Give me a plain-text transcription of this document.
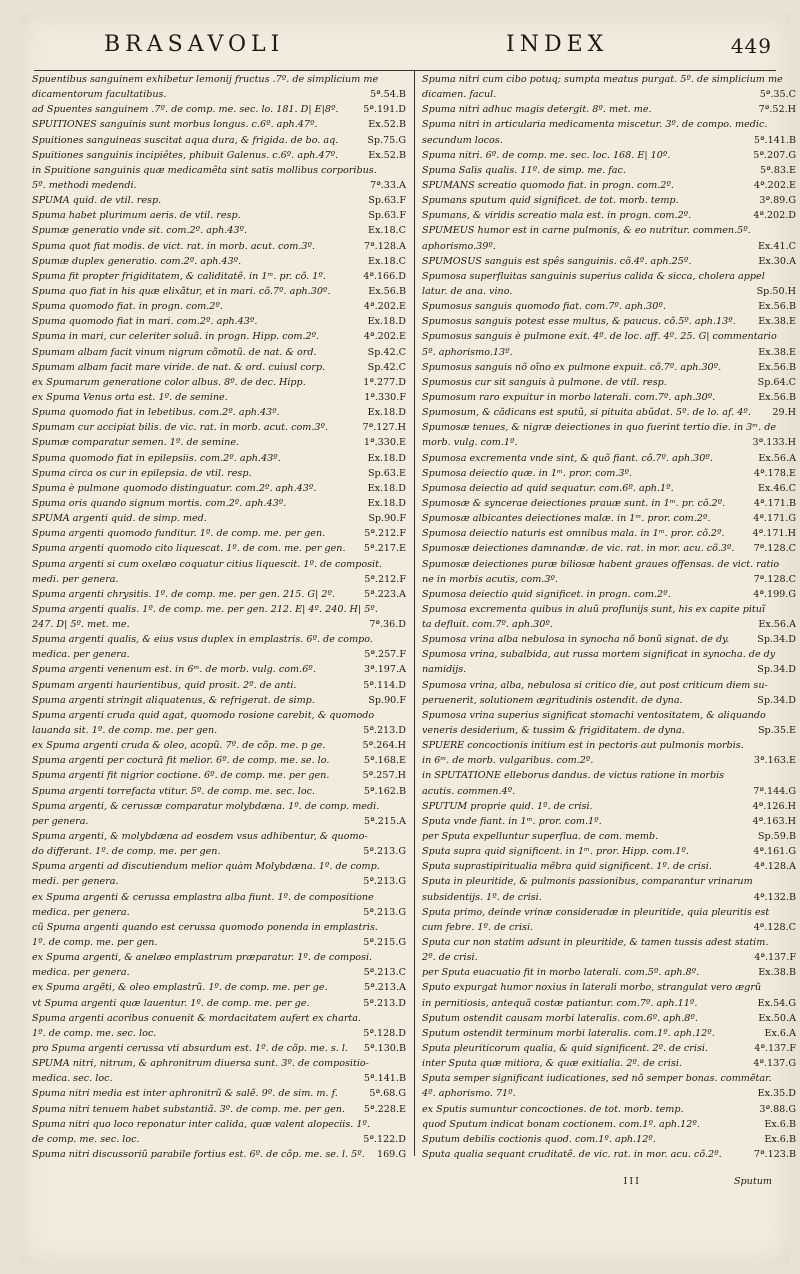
BRASAVOLI	INDEX	449
Spuentibus sanguinem exhibetur lemonij fructus .7º. de simplicium me
dicamentorum facultatibus.	5ª.54.B
ad Spuentes sanguinem .7º. de comp. me. sec. lo. 181. D| E|8º.	5ª.191.D
SPUITIONES sanguinis sunt morbus longus. c.6º. aph.47º.	Ex.52.B
Spuitiones sanguineas suscitat aqua dura, & frigida. de bo. aq.	Sp.75.G
Spuitiones sanguinis incipiêtes, phibuit Galenus. c.6º. aph.47º.	Ex.52.B
in Spuitione sanguinis quæ medicamêta sint satis mollibus corporibus.
5º. methodi medendi.	7ª.33.A
SPUMA quid. de vtil. resp.	Sp.63.F
Spuma habet plurimum aeris. de vtil. resp.	Sp.63.F
Spumæ generatio vnde sit. com.2º. aph.43º.	Ex.18.C
Spuma quot fiat modis. de vict. rat. in morb. acut. com.3º.	7ª.128.A
Spumæ duplex generatio. com.2º. aph.43º.	Ex.18.C
Spuma fit propter frigiditatem, & caliditatẽ. in 1ᵐ. pr. cõ. 1º.	4ª.166.D
Spuma quo fiat in his quæ elixãtur, et in mari. cõ.7º. aph.30º.	Ex.56.B
Spuma quomodo fiat. in progn. com.2º.	4ª.202.E
Spuma quomodo fiat in mari. com.2º. aph.43º.	Ex.18.D
Spuma in mari, cur celeriter soluã. in progn. Hipp. com.2º.	4ª.202.E
Spumam albam facit vinum nigrum cõmotũ. de nat. & ord.	Sp.42.C
Spumam albam facit mare viride. de nat. & ord. cuiusl corp.	Sp.42.C
ex Spumarum generatione color albus. 8º. de dec. Hipp.	1ª.277.D
ex Spuma Venus orta est. 1º. de semine.	1ª.330.F
Spuma quomodo fiat in lebetibus. com.2º. aph.43º.	Ex.18.D
Spumam cur accipiat bilis. de vic. rat. in morb. acut. com.3º.	7ª.127.H
Spumæ comparatur semen. 1º. de semine.	1ª.330.E
Spuma quomodo fiat in epilepsiis. com.2º. aph.43º.	Ex.18.D
Spuma circa os cur in epilepsia. de vtil. resp.	Sp.63.E
Spuma è pulmone quomodo distinguatur. com.2º. aph.43º.	Ex.18.D
Spuma oris quando signum mortis. com.2º. aph.43º.	Ex.18.D
SPUMA argenti quid. de simp. med.	Sp.90.F
Spuma argenti quomodo funditur. 1º. de comp. me. per gen.	5ª.212.F
Spuma argenti quomodo cito liquescat. 1º. de com. me. per gen.	5ª.217.E
Spuma argenti si cum oxelæo coquatur citius liquescit. 1º. de composit.
medi. per genera.	5ª.212.F
Spuma argenti chrysitis. 1º. de comp. me. per gen. 215. G| 2º.	5ª.223.A
Spuma argenti qualis. 1º. de comp. me. per gen. 212. E| 4º. 240. H| 5º.
247. D| 5º. met. me.	7ª.36.D
Spuma argenti qualis, & eius vsus duplex in emplastris. 6º. de compo.
medica. per genera.	5ª.257.F
Spuma argenti venenum est. in 6ᵐ. de morb. vulg. com.6º.	3ª.197.A
Spumam argenti haurientibus, quid prosit. 2º. de anti.	5ª.114.D
Spuma argenti stringit aliquatenus, & refrigerat. de simp.	Sp.90.F
Spuma argenti cruda quid agat, quomodo rosione carebit, & quomodo
lauanda sit. 1º. de comp. me. per gen.	5ª.213.D
ex Spuma argenti cruda & oleo, acopũ. 7º. de cõp. me. p ge.	5ª.264.H
Spuma argenti per coctură fit melior. 6º. de comp. me. se. lo.	5ª.168.E
Spuma argenti fit nigrior coctione. 6º. de comp. me. per gen.	5ª.257.H
Spuma argenti torrefacta vtitur. 5º. de comp. me. sec. loc.	5ª.162.B
Spuma argenti, & cerussæ comparatur molybdæna. 1º. de comp. medi.
per genera.	5ª.215.A
Spuma argenti, & molybdæna ad eosdem vsus adhibentur, & quomo-
do differant. 1º. de comp. me. per gen.	5ª.213.G
Spuma argenti ad discutiendum melior quàm Molybdæna. 1º. de comp.
medi. per genera.	5ª.213.G
ex Spuma argenti & cerussa emplastra alba fiunt. 1º. de compositione
medica. per genera.	5ª.213.G
cũ Spuma argenti quando est cerussa quomodo ponenda in emplastris.
1º. de comp. me. per gen.	5ª.215.G
ex Spuma argenti, & anelæo emplastrum præparatur. 1º. de composi.
medica. per genera.	5ª.213.C
ex Spuma argẽti, & oleo emplastrũ. 1º. de comp. me. per ge.	5ª.213.A
vt Spuma argenti quæ lauentur. 1º. de comp. me. per ge.	5ª.213.D
Spuma argenti acoribus conuenit & mordacitatem aufert ex charta.
1º. de comp. me. sec. loc.	5ª.128.D
pro Spuma argenti cerussa vti absurdum est. 1º. de cõp. me. s. l.	5ª.130.B
SPUMA nitri, nitrum, & aphronitrum diuersa sunt. 3º. de compositio-
medica. sec. loc.	5ª.141.B
Spuma nitri media est inter aphronitrũ & salẽ. 9º. de sim. m. f.	5ª.68.G
Spuma nitri tenuem habet substantiã. 3º. de comp. me. per gen.	5ª.228.E
Spuma nitri quo loco reponatur inter calida, quæ valent alopeciis. 1º.
de comp. me. sec. loc.	5ª.122.D
Spuma nitri discussoriũ parabile fortius est. 6º. de cõp. me. se. l. 5º.	169.G
Spuma nitri cum cibo potuq; sumpta meatus purgat. 5º. de simplicium me
dicamen. facul.	5ª.35.C
Spuma nitri adhuc magis detergit. 8º. met. me.	7ª.52.H
Spuma nitri in articularia medicamenta miscetur. 3º. de compo. medic.
secundum locos.	5ª.141.B
Spuma nitri. 6º. de comp. me. sec. loc. 168. E| 10º.	5ª.207.G
Spuma Salis qualis. 11º. de simp. me. fac.	5ª.83.E
SPUMANS screatio quomodo fiat. in progn. com.2º.	4ª.202.E
Spumans sputum quid significet. de tot. morb. temp.	3ª.89.G
Spumans, & viridis screatio mala est. in progn. com.2º.	4ª.202.D
SPUMEUS humor est in carne pulmonis, & eo nutritur. commen.5º.
aphorismo.39º.	Ex.41.C
SPUMOSUS sanguis est spês sanguinis. cõ.4º. aph.25º.	Ex.30.A
Spumosa superfluitas sanguinis superius calida & sicca, cholera appel
latur. de ana. vino.	Sp.50.H
Spumosus sanguis quomodo fiat. com.7º. aph.30º.	Ex.56.B
Spumosus sanguis potest esse multus, & paucus. cõ.5º. aph.13º.	Ex.38.E
Spumosus sanguis è pulmone exit. 4º. de loc. aff. 4º. 25. G| commentario
5º. aphorismo.13º.	Ex.38.E
Spumosus sanguis nõ oĩno ex pulmone expuit. cõ.7º. aph.30º.	Ex.56.B
Spumosus cur sit sanguis à pulmone. de vtil. resp.	Sp.64.C
Spumosum raro expuitur in morbo laterali. com.7º. aph.30º.	Ex.56.B
Spumosum, & cãdicans est sputũ, si pituita abũdat. 5º. de lo. af. 4º.	29.H
Spumosæ tenues, & nigræ deiectiones in quo fuerint tertio die. in 3ᵐ. de
morb. vulg. com.1º.	3ª.133.H
Spumosa excrementa vnde sint, & quõ fiant. cõ.7º. aph.30º.	Ex.56.A
Spumosa deiectio quæ. in 1ᵐ. pror. com.3º.	4ª.178.E
Spumosa deiectio ad quid sequatur. com.6º. aph.1º.	Ex.46.C
Spumosæ & syncerae deiectiones prauæ sunt. in 1ᵐ. pr. cõ.2º.	4ª.171.B
Spumosæ albicantes deiectiones malæ. in 1ᵐ. pror. com.2º.	4ª.171.G
Spumosa deiectio naturis est omnibus mala. in 1ᵐ. pror. cõ.2º.	4ª.171.H
Spumosæ deiectiones damnandæ. de vic. rat. in mor. acu. cõ.3º.	7ª.128.C
Spumosæ deiectiones puræ biliosæ habent graues offensas. de vict. ratio
ne in morbis acutis, com.3º.	7ª.128.C
Spumosa deiectio quid significet. in progn. com.2º.	4ª.199.G
Spumosa excrementa quibus in aluũ proflunijs sunt, his ex capite pituĩ
ta defluit. com.7º. aph.30º.	Ex.56.A
Spumosa vrina alba nebulosa in synocha nõ bonũ signat. de dy.	Sp.34.D
Spumosa vrina, subalbida, aut russa mortem significat in synocha. de dy
namidijs.	Sp.34.D
Spumosa vrina, alba, nebulosa si critico die, aut post criticum diem su-
peruenerit, solutionem ægritudinis ostendit. de dyna.	Sp.34.D
Spumosa vrina superius significat stomachi ventositatem, & aliquando
veneris desiderium, & tussim & frigiditatem. de dyna.	Sp.35.E
SPUERE concoctionis initium est in pectoris aut pulmonis morbis.
in 6ᵐ. de morb. vulgaribus. com.2º.	3ª.163.E
in SPUTATIONE elleborus dandus. de victus ratione in morbis
acutis. commen.4º.	7ª.144.G
SPUTUM proprie quid. 1º. de crisi.	4ª.126.H
Sputa vnde fiant. in 1ᵐ. pror. com.1º.	4ª.163.H
per Sputa expelluntur superflua. de com. memb.	Sp.59.B
Sputa supra quid significent. in 1ᵐ. pror. Hipp. com.1º.	4ª.161.G
Sputa suprastipiritualia mẽbra quid significent. 1º. de crisi.	4ª.128.A
Sputa in pleuritide, & pulmonis passionibus, comparantur vrinarum
subsidentijs. 1º. de crisi.	4ª.132.B
Sputa primo, deinde vrinæ consideradæ in pleuritide, quia pleuritis est
cum febre. 1º. de crisi.	4ª.128.C
Sputa cur non statim adsunt in pleuritide, & tamen tussis adest statim.
2º. de crisi.	4ª.137.F
per Sputa euacuatio fit in morbo laterali. com.5º. aph.8º.	Ex.38.B
Sputo expurgat humor noxius in laterali morbo, strangulat vero ægrũ
in pernitiosis, antequã costæ patiantur. com.7º. aph.11º.	Ex.54.G
Sputum ostendit causam morbi lateralis. com.6º. aph.8º.	Ex.50.A
Sputum ostendit terminum morbi lateralis. com.1º. aph.12º.	Ex.6.A
Sputa pleuriticorum qualia, & quid significent. 2º. de crisi.	4ª.137.F
inter Sputa quæ mitiora, & quæ exitialia. 2º. de crisi.	4ª.137.G
Sputa semper significant iudicationes, sed nõ semper bonas. commẽtar.
4º. aphorismo. 71º.	Ex.35.D
ex Sputis sumuntur concoctiones. de tot. morb. temp.	3ª.88.G
quod Sputum indicat bonam coctionem. com.1º. aph.12º.	Ex.6.B
Sputum debilis coctionis quod. com.1º. aph.12º.	Ex.6.B
Sputa qualia sequant cruditatẽ. de vic. rat. in mor. acu. cõ.2º.	7ª.123.B
III	Sputum
